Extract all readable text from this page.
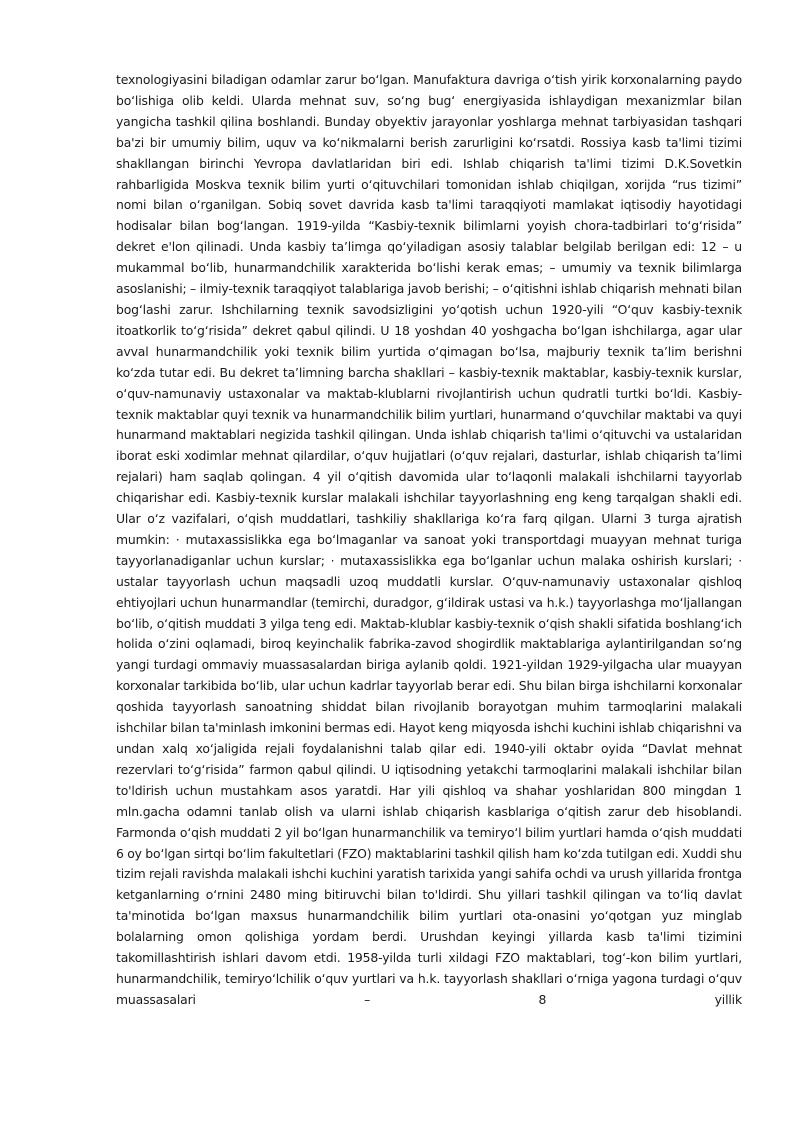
texnologiyasini biladigan odamlar zarur bo‘lgan. Manufaktura davriga o‘tish yirik korxonalarning paydo bo‘lishiga olib keldi. Ularda mehnat suv, so‘ng bug‘ energiyasida ishlaydigan mexanizmlar bilan yangicha tashkil qilina boshlandi. Bunday obyektiv jarayonlar yoshlarga mehnat tarbiyasidan tashqari ba'zi bir umumiy bilim, uquv va ko‘nikmalarni berish zarurligini ko‘rsatdi. Rossiya kasb ta'limi tizimi shakllangan birinchi Yevropa davlatlaridan biri edi. Ishlab chiqarish ta'limi tizimi D.K.Sovetkin rahbarligida Moskva texnik bilim yurti o‘qituvchilari tomonidan ishlab chiqilgan, xorijda “rus tizimi” nomi bilan o‘rganilgan. Sobiq sovet davrida kasb ta'limi taraqqiyoti mamlakat iqtisodiy hayotidagi hodisalar bilan bog‘langan. 1919-yilda “Kasbiy-texnik bilimlarni yoyish chora-tadbirlari to‘g‘risida” dekret e'lon qilinadi. Unda kasbiy ta’limga qo‘yiladigan asosiy talablar belgilab berilgan edi: 12 – u mukammal bo‘lib, hunarmandchilik xarakterida bo‘lishi kerak emas; – umumiy va texnik bilimlarga asoslanishi; – ilmiy-texnik taraqqiyot talablariga javob berishi; – o‘qitishni ishlab chiqarish mehnati bilan bog‘lashi zarur. Ishchilarning texnik savodsizligini yo‘qotish uchun 1920-yili “O‘quv kasbiy-texnik itoatkorlik to‘g‘risida” dekret qabul qilindi. U 18 yoshdan 40 yoshgacha bo‘lgan ishchilarga, agar ular avval hunarmandchilik yoki texnik bilim yurtida o‘qimagan bo‘lsa, majburiy texnik ta’lim berishni ko‘zda tutar edi. Bu dekret ta’limning barcha shakllari – kasbiy-texnik maktablar, kasbiy-texnik kurslar, o‘quv-namunaviy ustaxonalar va maktab-klublarni rivojlantirish uchun qudratli turtki bo‘ldi. Kasbiy-texnik maktablar quyi texnik va hunarmandchilik bilim yurtlari, hunarmand o‘quvchilar maktabi va quyi hunarmand maktablari negizida tashkil qilingan. Unda ishlab chiqarish ta'limi o‘qituvchi va ustalaridan iborat eski xodimlar mehnat qilardilar, o‘quv hujjatlari (o‘quv rejalari, dasturlar, ishlab chiqarish ta’limi rejalari) ham saqlab qolingan. 4 yil o‘qitish davomida ular to‘laqonli malakali ishchilarni tayyorlab chiqarishar edi. Kasbiy-texnik kurslar malakali ishchilar tayyorlashning eng keng tarqalgan shakli edi. Ular o‘z vazifalari, o‘qish muddatlari, tashkiliy shakllariga ko‘ra farq qilgan. Ularni 3 turga ajratish mumkin: · mutaxassislikka ega bo‘lmaganlar va sanoat yoki transportdagi muayyan mehnat turiga tayyorlanadiganlar uchun kurslar; · mutaxassislikka ega bo‘lganlar uchun malaka oshirish kurslari; · ustalar tayyorlash uchun maqsadli uzoq muddatli kurslar. O‘quv-namunaviy ustaxonalar qishloq ehtiyojlari uchun hunarmandlar (temirchi, duradgor, g‘ildirak ustasi va h.k.) tayyorlashga mo‘ljallangan bo‘lib, o‘qitish muddati 3 yilga teng edi. Maktab-klublar kasbiy-texnik o‘qish shakli sifatida boshlang‘ich holida o‘zini oqlamadi, biroq keyinchalik fabrika-zavod shogirdlik maktablariga aylantirilgandan so‘ng yangi turdagi ommaviy muassasalardan biriga aylanib qoldi. 1921-yildan 1929-yilgacha ular muayyan korxonalar tarkibida bo‘lib, ular uchun kadrlar tayyorlab berar edi. Shu bilan birga ishchilarni korxonalar qoshida tayyorlash sanoatning shiddat bilan rivojlanib borayotgan muhim tarmoqlarini malakali ishchilar bilan ta'minlash imkonini bermas edi. Hayot keng miqyosda ishchi kuchini ishlab chiqarishni va undan xalq xo‘jaligida rejali foydalanishni talab qilar edi. 1940-yili oktabr oyida “Davlat mehnat rezervlari to‘g‘risida” farmon qabul qilindi. U iqtisodning yetakchi tarmoqlarini malakali ishchilar bilan to'ldirish uchun mustahkam asos yaratdi. Har yili qishloq va shahar yoshlaridan 800 mingdan 1 mln.gacha odamni tanlab olish va ularni ishlab chiqarish kasblariga o‘qitish zarur deb hisoblandi. Farmonda o‘qish muddati 2 yil bo‘lgan hunarmanchilik va temiryo‘l bilim yurtlari hamda o‘qish muddati 6 oy bo‘lgan sirtqi bo‘lim fakultetlari (FZO) maktablarini tashkil qilish ham ko‘zda tutilgan edi. Xuddi shu tizim rejali ravishda malakali ishchi kuchini yaratish tarixida yangi sahifa ochdi va urush yillarida frontga ketganlarning o‘rnini 2480 ming bitiruvchi bilan to'ldirdi. Shu yillari tashkil qilingan va to‘liq davlat ta'minotida bo‘lgan maxsus hunarmandchilik bilim yurtlari ota-onasini yo‘qotgan yuz minglab bolalarning omon qolishiga yordam berdi. Urushdan keyingi yillarda kasb ta'limi tizimini takomillashtirish ishlari davom etdi. 1958-yilda turli xildagi FZO maktablari, tog‘-kon bilim yurtlari, hunarmandchilik, temiryo‘lchilik o‘quv yurtlari va h.k. tayyorlash shakllari o‘rniga yagona turdagi o‘quv muassasalari – 8 yillik
